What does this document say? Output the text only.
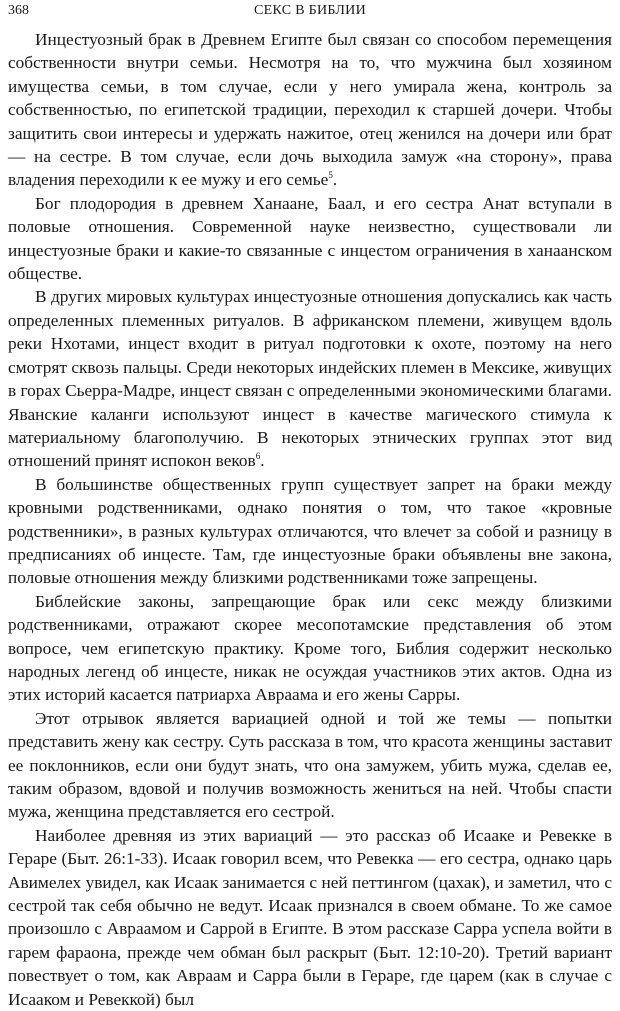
368	СЕКС В БИБЛИИ

Инцестуозный брак в Древнем Египте был связан со способом перемещения собственности внутри семьи. Несмотря на то, что мужчина был хозяином имущества семьи, в том случае, если у него умирала жена, контроль за собственностью, по египетской традиции, переходил к старшей дочери. Чтобы защитить свои интересы и удержать нажитое, отец женился на дочери или брат — на сестре. В том случае, если дочь выходила замуж «на сторону», права владения переходили к ее мужу и его семье$^5$.

Бог плодородия в древнем Ханаане, Баал, и его сестра Анат вступали в половые отношения. Современной науке неизвестно, существовали ли инцестуозные браки и какие-то связанные с инцестом ограничения в ханаанском обществе.

В других мировых культурах инцестуозные отношения допускались как часть определенных племенных ритуалов. В африканском племени, живущем вдоль реки Нхотами, инцест входит в ритуал подготовки к охоте, поэтому на него смотрят сквозь пальцы. Среди некоторых индейских племен в Мексике, живущих в горах Сьерра-Мадре, инцест связан с определенными экономическими благами. Яванские каланги используют инцест в качестве магического стимула к материальному благополучию. В некоторых этнических группах этот вид отношений принят испокон веков$^6$.

В большинстве общественных групп существует запрет на браки между кровными родственниками, однако понятия о том, что такое «кровные родственники», в разных культурах отличаются, что влечет за собой и разницу в предписаниях об инцесте. Там, где инцестуозные браки объявлены вне закона, половые отношения между близкими родственниками тоже запрещены.

Библейские законы, запрещающие брак или секс между близкими родственниками, отражают скорее месопотамские представления об этом вопросе, чем египетскую практику. Кроме того, Библия содержит несколько народных легенд об инцесте, никак не осуждая участников этих актов. Одна из этих историй касается патриарха Авраама и его жены Сарры.

Этот отрывок является вариацией одной и той же темы — попытки представить жену как сестру. Суть рассказа в том, что красота женщины заставит ее поклонников, если они будут знать, что она замужем, убить мужа, сделав ее, таким образом, вдовой и получив возможность жениться на ней. Чтобы спасти мужа, женщина представляется его сестрой.

Наиболее древняя из этих вариаций — это рассказ об Исааке и Ревекке в Гераре (Быт. 26:1-33). Исаак говорил всем, что Ревекка — его сестра, однако царь Авимелех увидел, как Исаак занимается с ней петтингом (цахак), и заметил, что с сестрой так себя обычно не ведут. Исаак признался в своем обмане. То же самое произошло с Авраамом и Саррой в Египте. В этом рассказе Сарра успела войти в гарем фараона, прежде чем обман был раскрыт (Быт. 12:10-20). Третий вариант повествует о том, как Авраам и Сарра были в Гераре, где царем (как в случае с Исааком и Ревеккой) был
